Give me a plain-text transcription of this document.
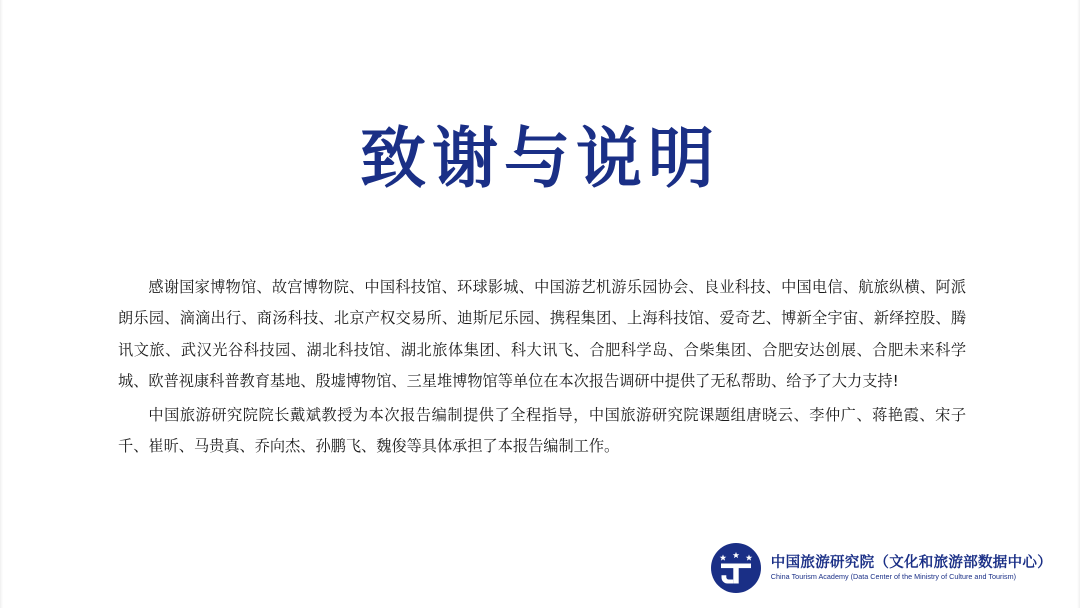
致谢与说明

感谢国家博物馆、故宫博物院、中国科技馆、环球影城、中国游艺机游乐园协会、良业科技、中国电信、航旅纵横、阿派朗乐园、滴滴出行、商汤科技、北京产权交易所、迪斯尼乐园、携程集团、上海科技馆、爱奇艺、博新全宇宙、新绎控股、腾讯文旅、武汉光谷科技园、湖北科技馆、湖北旅体集团、科大讯飞、合肥科学岛、合柴集团、合肥安达创展、合肥未来科学城、欧普视康科普教育基地、殷墟博物馆、三星堆博物馆等单位在本次报告调研中提供了无私帮助、给予了大力支持!

中国旅游研究院院长戴斌教授为本次报告编制提供了全程指导，中国旅游研究院课题组唐晓云、李仲广、蒋艳霞、宋子千、崔昕、马贵真、乔向杰、孙鹏飞、魏俊等具体承担了本报告编制工作。

中国旅游研究院（文化和旅游部数据中心）
China Tourism Academy (Data Center of the Ministry of Culture and Tourism)
